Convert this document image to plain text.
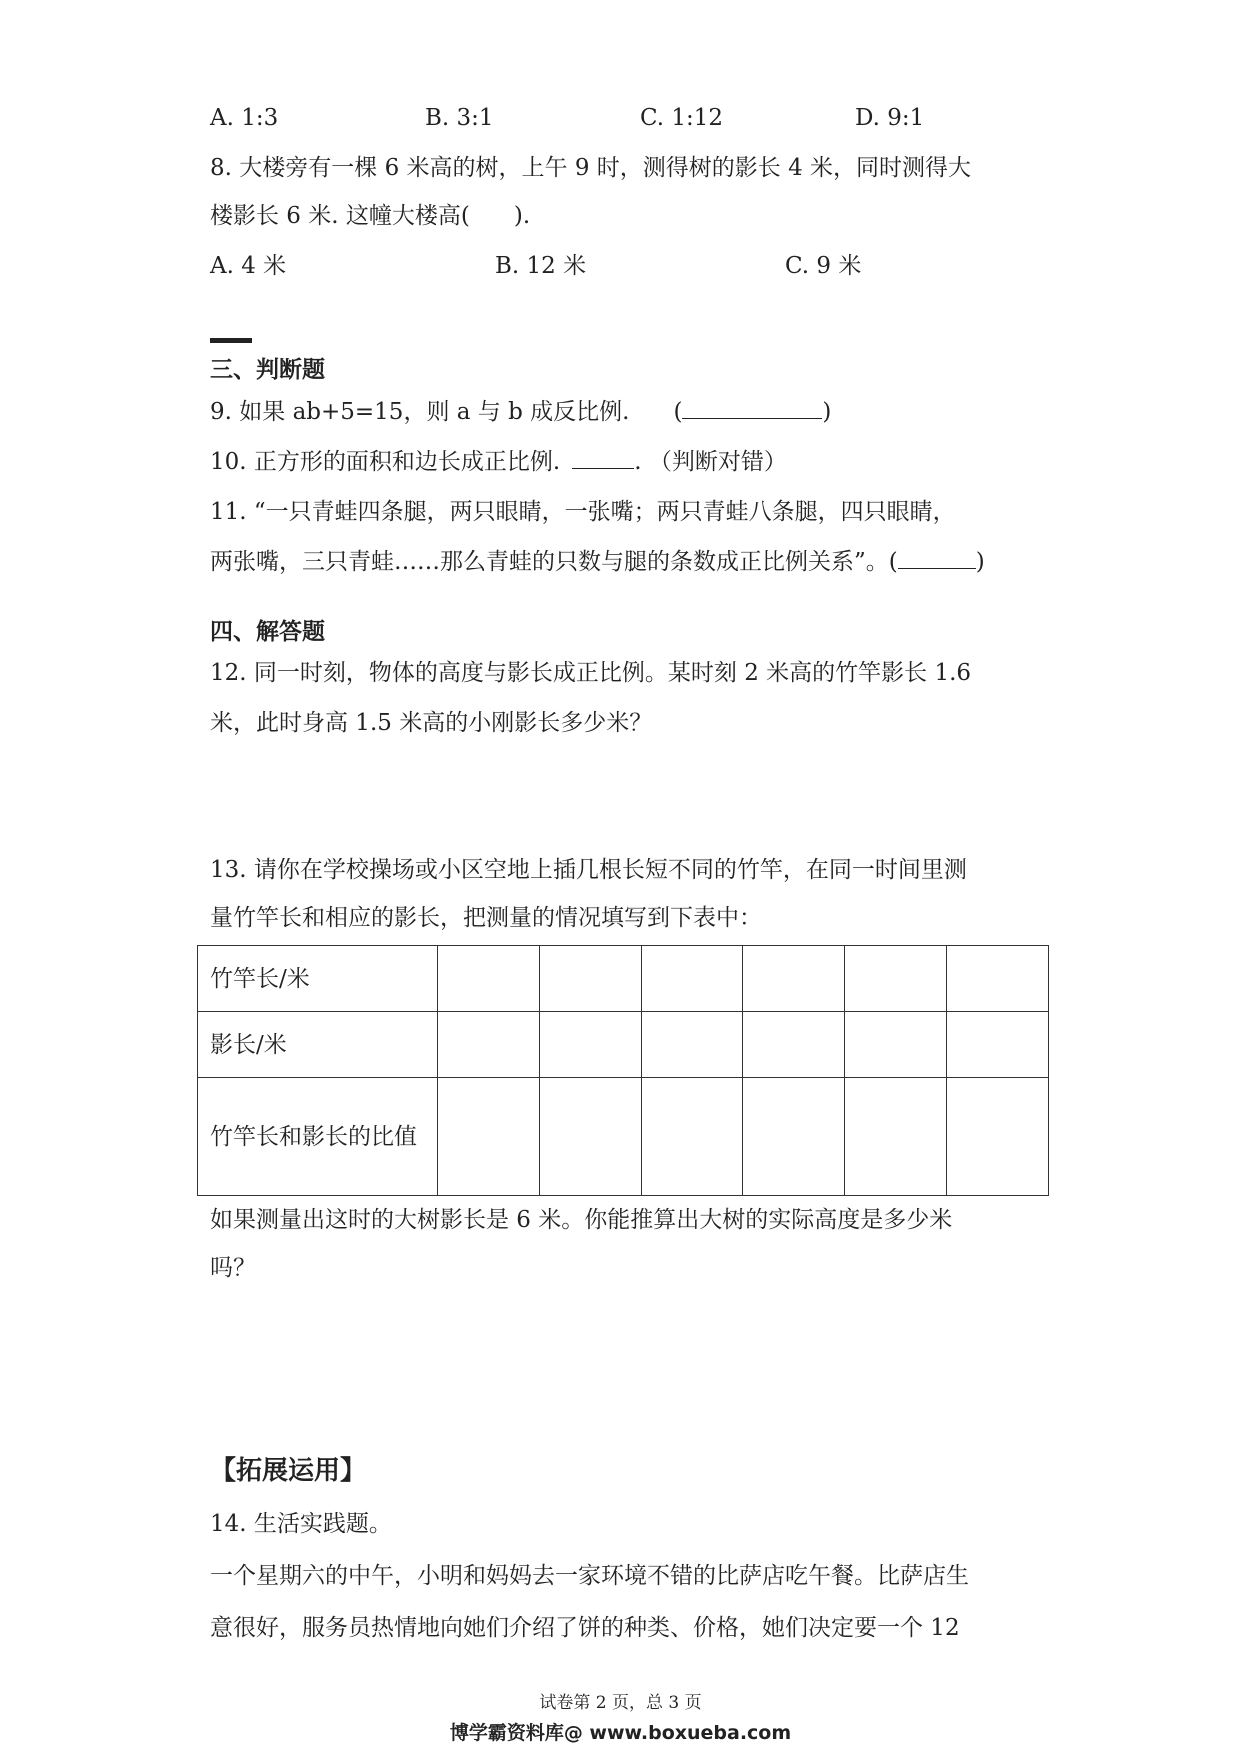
A. 1:3	B. 3:1	C. 1:12	D. 9:1
8. 大楼旁有一棵 6 米高的树，上午 9 时，测得树的影长 4 米，同时测得大
楼影长 6 米. 这幢大楼高( ).
A. 4 米	B. 12 米	C. 9 米
三、判断题
9. 如果 ab+5=15，则 a 与 b 成反比例. (	)
10. 正方形的面积和边长成正比例.	. （判断对错）
11. “一只青蛙四条腿，两只眼睛，一张嘴；两只青蛙八条腿，四只眼睛，
两张嘴，三只青蛙……那么青蛙的只数与腿的条数成正比例关系”。(	)
四、解答题
12. 同一时刻，物体的高度与影长成正比例。某时刻 2 米高的竹竿影长 1.6
米，此时身高 1.5 米高的小刚影长多少米？
13. 请你在学校操场或小区空地上插几根长短不同的竹竿，在同一时间里测
量竹竿长和相应的影长，把测量的情况填写到下表中：
竹竿长/米						
影长/米						
竹竿长和影长的比值						
如果测量出这时的大树影长是 6 米。你能推算出大树的实际高度是多少米
吗？
【拓展运用】
14. 生活实践题。
一个星期六的中午，小明和妈妈去一家环境不错的比萨店吃午餐。比萨店生
意很好，服务员热情地向她们介绍了饼的种类、价格，她们决定要一个 12
试卷第 2 页，总 3 页
博学霸资料库@ www.boxueba.com
